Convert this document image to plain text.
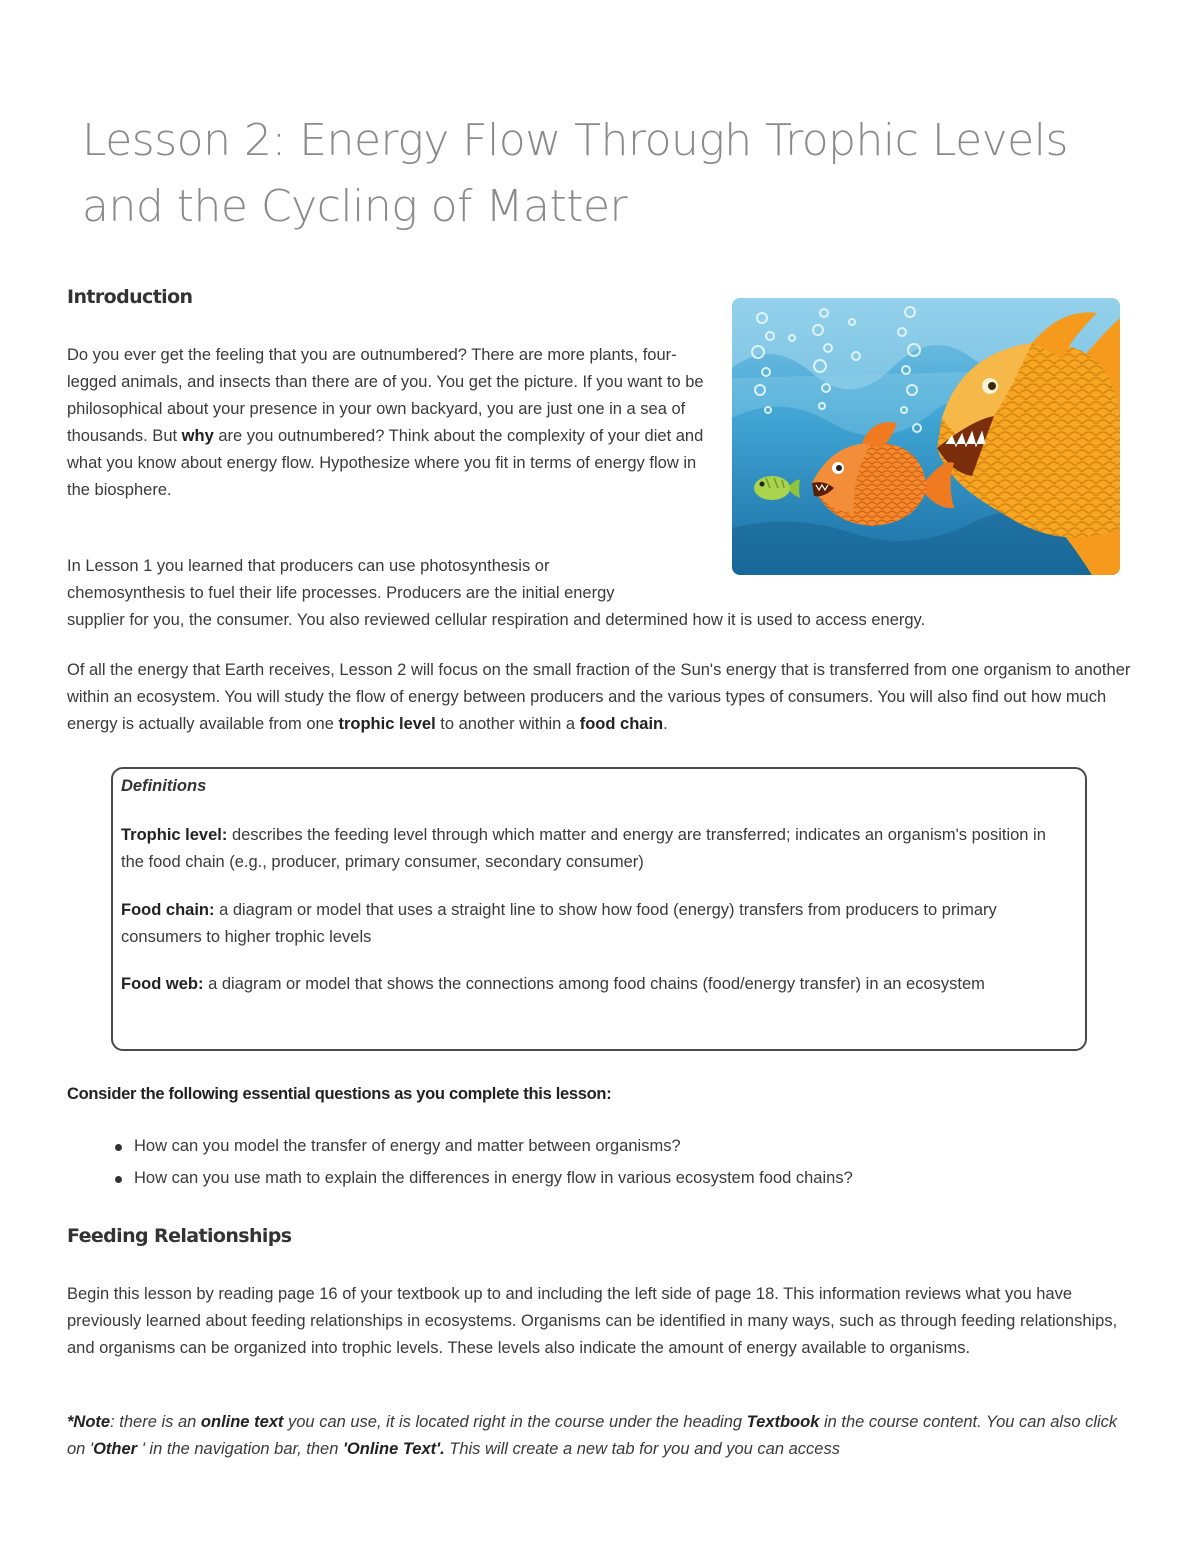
Lesson 2: Energy Flow Through Trophic Levels
and the Cycling of Matter
Introduction

Do you ever get the feeling that you are outnumbered? There are more plants, four-legged animals, and insects than there are of you. You get the picture. If you want to be philosophical about your presence in your own backyard, you are just one in a sea of thousands. But why are you outnumbered? Think about the complexity of your diet and what you know about energy flow. Hypothesize where you fit in terms of energy flow in the biosphere.

In Lesson 1 you learned that producers can use photosynthesis or
chemosynthesis to fuel their life processes. Producers are the initial energy
supplier for you, the consumer. You also reviewed cellular respiration and determined how it is used to access energy.

Of all the energy that Earth receives, Lesson 2 will focus on the small fraction of the Sun's energy that is transferred from one organism to another within an ecosystem. You will study the flow of energy between producers and the various types of consumers. You will also find out how much energy is actually available from one trophic level to another within a food chain.

Definitions

Trophic level: describes the feeding level through which matter and energy are transferred; indicates an organism's position in the food chain (e.g., producer, primary consumer, secondary consumer)

Food chain: a diagram or model that uses a straight line to show how food (energy) transfers from producers to primary consumers to higher trophic levels

Food web: a diagram or model that shows the connections among food chains (food/energy transfer) in an ecosystem

Consider the following essential questions as you complete this lesson:

How can you model the transfer of energy and matter between organisms?
How can you use math to explain the differences in energy flow in various ecosystem food chains?
Feeding Relationships

Begin this lesson by reading page 16 of your textbook up to and including the left side of page 18. This information reviews what you have previously learned about feeding relationships in ecosystems. Organisms can be identified in many ways, such as through feeding relationships, and organisms can be organized into trophic levels. These levels also indicate the amount of energy available to organisms.

*Note: there is an online text you can use, it is located right in the course under the heading Textbook in the course content. You can also click on 'Other ' in the navigation bar, then 'Online Text'. This will create a new tab for you and you can access
